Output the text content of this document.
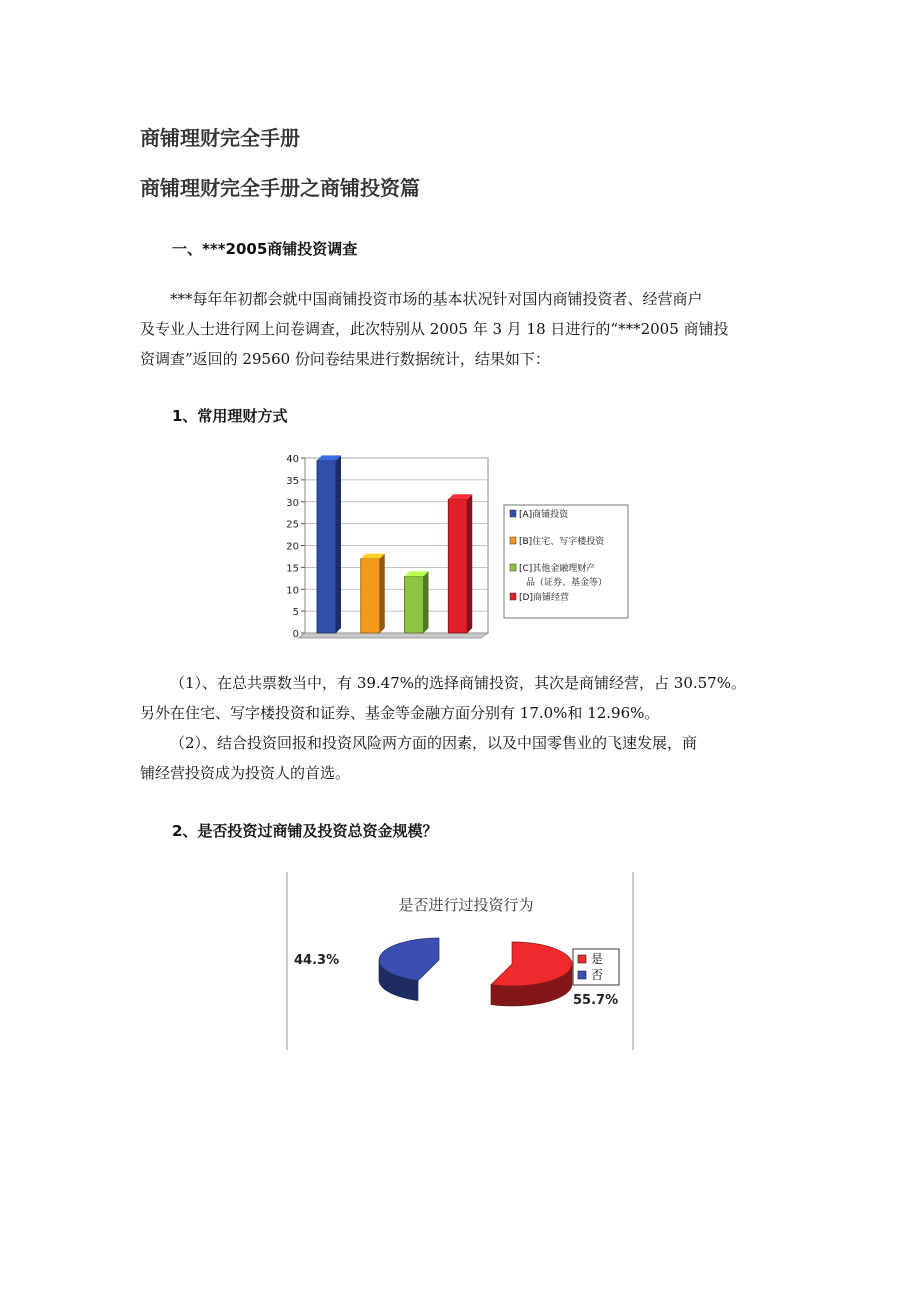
商铺理财完全手册
商铺理财完全手册之商铺投资篇
一、***2005商铺投资调查

***每年年初都会就中国商铺投资市场的基本状况针对国内商铺投资者、经营商户

及专业人士进行网上问卷调查，此次特别从 2005 年 3 月 18 日进行的“***2005 商铺投

资调查”返回的 29560 份问卷结果进行数据统计，结果如下：

1、常用理财方式
0
5
10
15
20
25
30
35
40
[A]商铺投资
[B]住宅、写字楼投资
[C]其他金融理财产
品（证券、基金等）
[D]商铺经营

（1）、在总共票数当中，有 39.47%的选择商铺投资，其次是商铺经营，占 30.57%。

另外在住宅、写字楼投资和证券、基金等金融方面分别有 17.0%和 12.96%。

（2）、结合投资回报和投资风险两方面的因素，以及中国零售业的飞速发展，商

铺经营投资成为投资人的首选。

2、是否投资过商铺及投资总资金规模？
是否进行过投资行为
是
否
44.3%
55.7%
